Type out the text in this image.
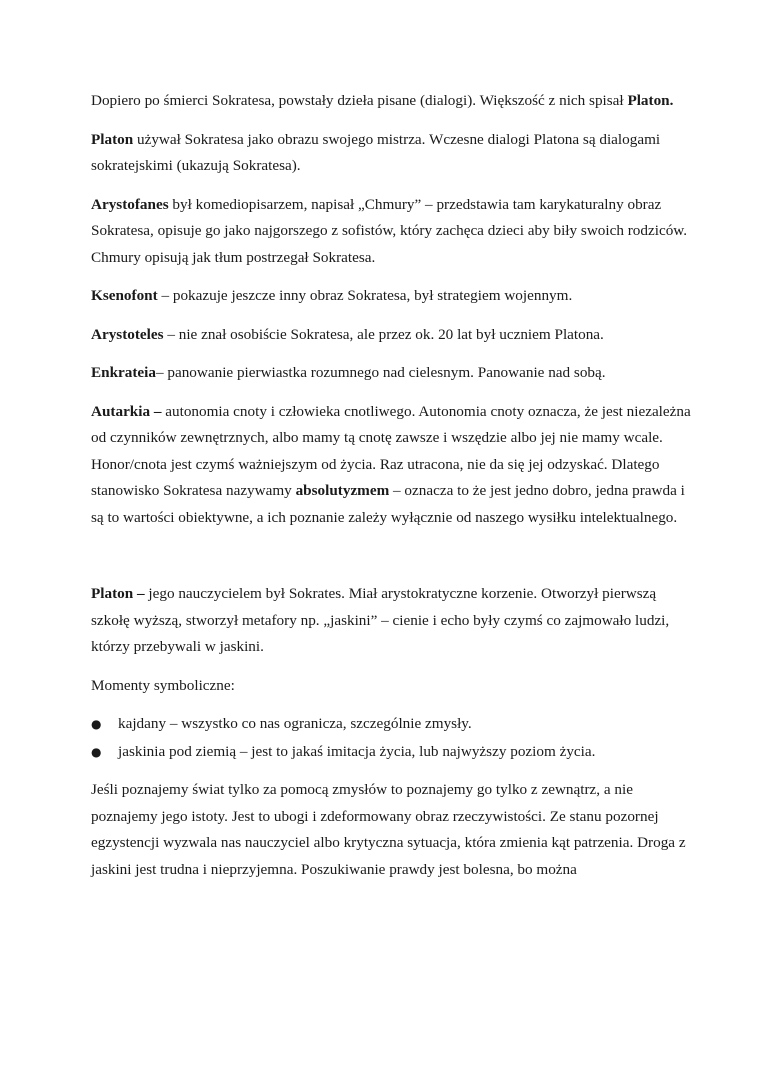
Dopiero po śmierci Sokratesa, powstały dzieła pisane (dialogi). Większość z nich spisał Platon.

Platon używał Sokratesa jako obrazu swojego mistrza. Wczesne dialogi Platona są dialogami sokratejskimi (ukazują Sokratesa).

Arystofanes był komediopisarzem, napisał „Chmury” – przedstawia tam karykaturalny obraz Sokratesa, opisuje go jako najgorszego z sofistów, który zachęca dzieci aby biły swoich rodziców. Chmury opisują jak tłum postrzegał Sokratesa.

Ksenofont – pokazuje jeszcze inny obraz Sokratesa, był strategiem wojennym.

Arystoteles – nie znał osobiście Sokratesa, ale przez ok. 20 lat był uczniem Platona.

Enkrateia– panowanie pierwiastka rozumnego nad cielesnym. Panowanie nad sobą.

Autarkia – autonomia cnoty i człowieka cnotliwego. Autonomia cnoty oznacza, że jest niezależna od czynników zewnętrznych, albo mamy tą cnotę zawsze i wszędzie albo jej nie mamy wcale. Honor/cnota jest czymś ważniejszym od życia. Raz utracona, nie da się jej odzyskać. Dlatego stanowisko Sokratesa nazywamy absolutyzmem – oznacza to że jest jedno dobro, jedna prawda i są to wartości obiektywne, a ich poznanie zależy wyłącznie od naszego wysiłku intelektualnego.

Platon – jego nauczycielem był Sokrates. Miał arystokratyczne korzenie. Otworzył pierwszą szkołę wyższą, stworzył metafory np. „jaskini” – cienie i echo były czymś co zajmowało ludzi, którzy przebywali w jaskini.

Momenty symboliczne:

● kajdany – wszystko co nas ogranicza, szczególnie zmysły.
● jaskinia pod ziemią – jest to jakaś imitacja życia, lub najwyższy poziom życia.

Jeśli poznajemy świat tylko za pomocą zmysłów to poznajemy go tylko z zewnątrz, a nie poznajemy jego istoty. Jest to ubogi i zdeformowany obraz rzeczywistości. Ze stanu pozornej egzystencji wyzwala nas nauczyciel albo krytyczna sytuacja, która zmienia kąt patrzenia. Droga z jaskini jest trudna i nieprzyjemna. Poszukiwanie prawdy jest bolesna, bo można
